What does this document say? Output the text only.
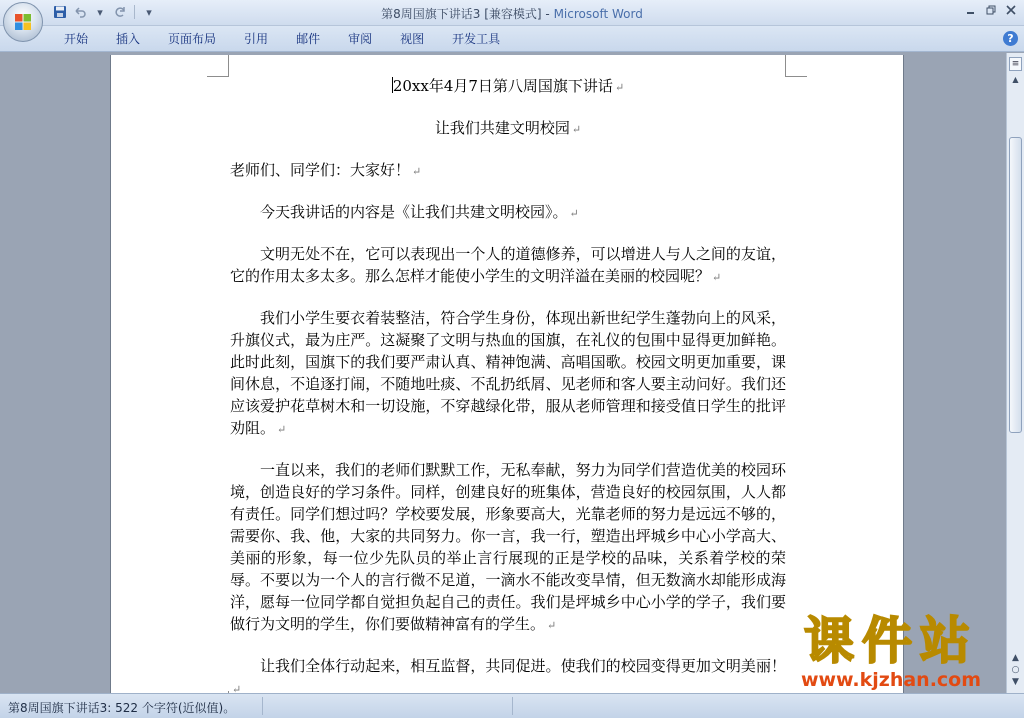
▾	▾	第8周国旗下讲话3 [兼容模式] - Microsoft Word
开始	插入	页面布局	引用	邮件	审阅	视图	开发工具	?

20xx年4月7日第八周国旗下讲话 ↵

让我们共建文明校园 ↵

老师们、同学们：大家好！ ↵

今天我讲话的内容是《让我们共建文明校园》。 ↵

文明无处不在，它可以表现出一个人的道德修养，可以增进人与人之间的友谊，它的作用太多太多。那么怎样才能使小学生的文明洋溢在美丽的校园呢？ ↵

我们小学生要衣着装整洁，符合学生身份，体现出新世纪学生蓬勃向上的风采，升旗仪式，最为庄严。这凝聚了文明与热血的国旗，在礼仪的包围中显得更加鲜艳。此时此刻，国旗下的我们要严肃认真、精神饱满、高唱国歌。校园文明更加重要，课间休息，不追逐打闹，不随地吐痰、不乱扔纸屑、见老师和客人要主动问好。我们还应该爱护花草树木和一切设施，不穿越绿化带，服从老师管理和接受值日学生的批评劝阻。 ↵

一直以来，我们的老师们默默工作，无私奉献，努力为同学们营造优美的校园环境，创造良好的学习条件。同样，创建良好的班集体，营造良好的校园氛围，人人都有责任。同学们想过吗？学校要发展，形象要高大，光靠老师的努力是远远不够的，需要你、我、他，大家的共同努力。你一言，我一行，塑造出坪城乡中心小学高大、美丽的形象，每一位少先队员的举止言行展现的正是学校的品味，关系着学校的荣辱。不要以为一个人的言行微不足道，一滴水不能改变旱情，但无数滴水却能形成海洋，愿每一位同学都自觉担负起自己的责任。我们是坪城乡中心小学的学子，我们要做行为文明的学生，你们要做精神富有的学生。 ↵

让我们全体行动起来，相互监督，共同促进。使我们的校园变得更加文明美丽！↵

≡
▲
▲
○
▼
课件站
www.kjzhan.com
第8周国旗下讲话3: 522 个字符(近似值)。
